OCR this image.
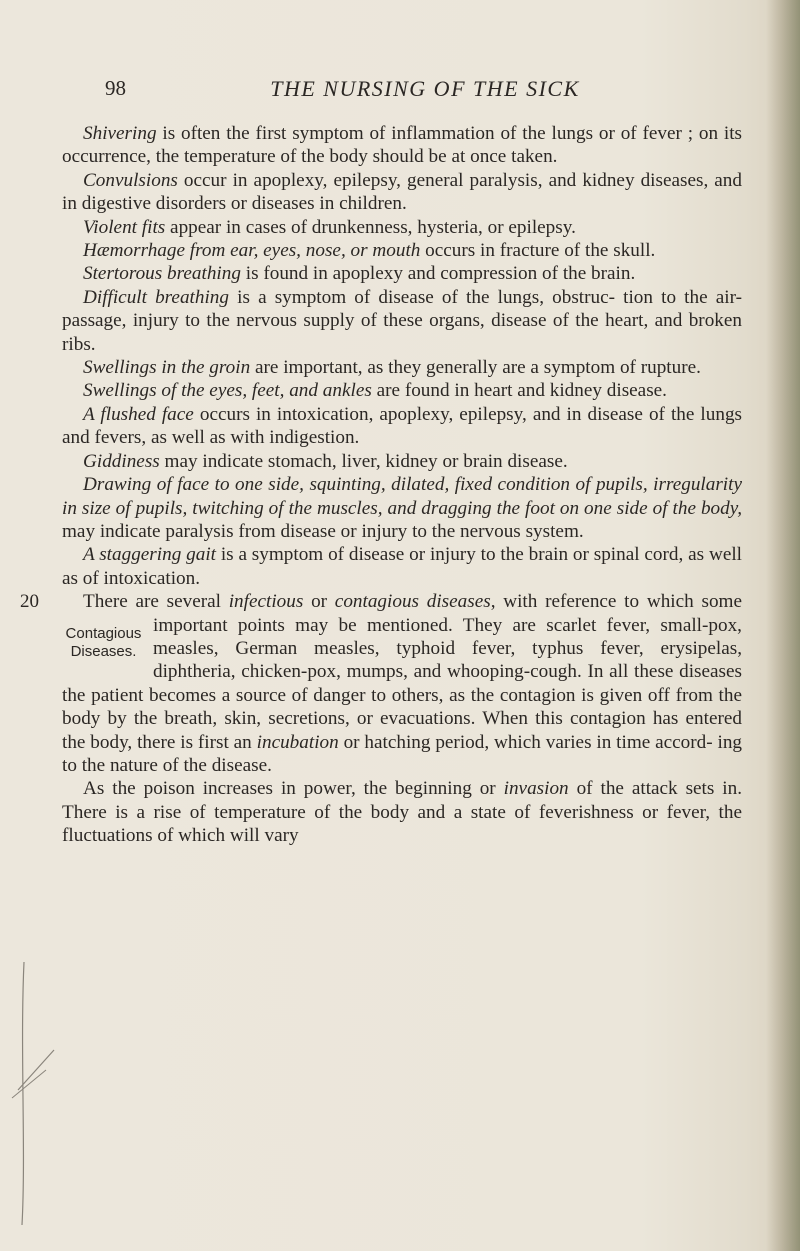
98	THE NURSING OF THE SICK

Shivering is often the first symptom of inflammation of the lungs or of fever ; on its occurrence, the temperature of the body should be at once taken.

Convulsions occur in apoplexy, epilepsy, general paralysis, and kidney diseases, and in digestive disorders or diseases in children.

Violent fits appear in cases of drunkenness, hysteria, or epilepsy.

Hæmorrhage from ear, eyes, nose, or mouth occurs in fracture of the skull.

Stertorous breathing is found in apoplexy and compression of the brain.

Difficult breathing is a symptom of disease of the lungs, obstruc- tion to the air-passage, injury to the nervous supply of these organs, disease of the heart, and broken ribs.

Swellings in the groin are important, as they generally are a symptom of rupture.

Swellings of the eyes, feet, and ankles are found in heart and kidney disease.

A flushed face occurs in intoxication, apoplexy, epilepsy, and in disease of the lungs and fevers, as well as with indigestion.

Giddiness may indicate stomach, liver, kidney or brain disease.

Drawing of face to one side, squinting, dilated, fixed condition of pupils, irregularity in size of pupils, twitching of the muscles, and dragging the foot on one side of the body, may indicate paralysis from disease or injury to the nervous system.

A staggering gait is a symptom of disease or injury to the brain or spinal cord, as well as of intoxication.

20 There are several infectious or contagious diseases, with reference to which some important points may be mentioned. They are scarlet
Contagious Diseases.
fever, small-pox, measles, German measles, typhoid fever, typhus fever, erysipelas, diphtheria, chicken-pox, mumps, and whooping-cough. In all these diseases the patient becomes a source of danger to others, as the contagion is given off from the body by the breath, skin, secretions, or evacuations. When this contagion has entered the body, there is first an incubation or hatching period, which varies in time accord- ing to the nature of the disease.

As the poison increases in power, the beginning or invasion of the attack sets in. There is a rise of temperature of the body and a state of feverishness or fever, the fluctuations of which will vary
